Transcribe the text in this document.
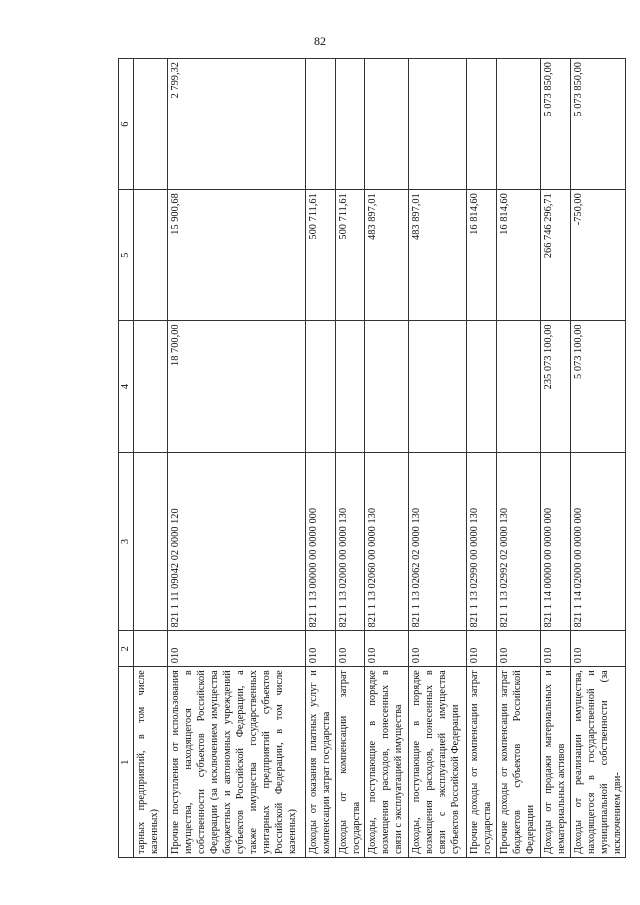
82
1	2	3	4	5	6
тарных предприятий, в том числе казенных)					
Прочие поступления от использования имущества, находящегося в собственности субъектов Российской Федерации (за исключением имущества бюджетных и автономных учреждений субъектов Российской Федерации, а также имущества государственных унитарных предприятий субъектов Российской Федерации, в том числе казенных)	010	821 1 11 09042 02 0000 120	18 700,00	15 900,68	2 799,32
Доходы от оказания платных услуг и компенсации затрат государства	010	821 1 13 00000 00 0000 000		500 711,61	
Доходы от компенсации затрат государства	010	821 1 13 02000 00 0000 130		500 711,61	
Доходы, поступающие в порядке возмещения расходов, понесенных в связи с эксплуатацией имущества	010	821 1 13 02060 00 0000 130		483 897,01	
Доходы, поступающие в порядке возмещения расходов, понесенных в связи с эксплуатацией имущества субъектов Российской Федерации	010	821 1 13 02062 02 0000 130		483 897,01	
Прочие доходы от компенсации затрат государства	010	821 1 13 02990 00 0000 130		16 814,60	
Прочие доходы от компенсации затрат бюджетов субъектов Российской Федерации	010	821 1 13 02992 02 0000 130		16 814,60	
Доходы от продажи материальных и нематериальных активов	010	821 1 14 00000 00 0000 000	235 073 100,00	266 746 296,71	5 073 850,00
Доходы от реализации имущества, находящегося в государственной и муниципальной собственности (за исключением дви-	010	821 1 14 02000 00 0000 000	5 073 100,00	-750,00	5 073 850,00
